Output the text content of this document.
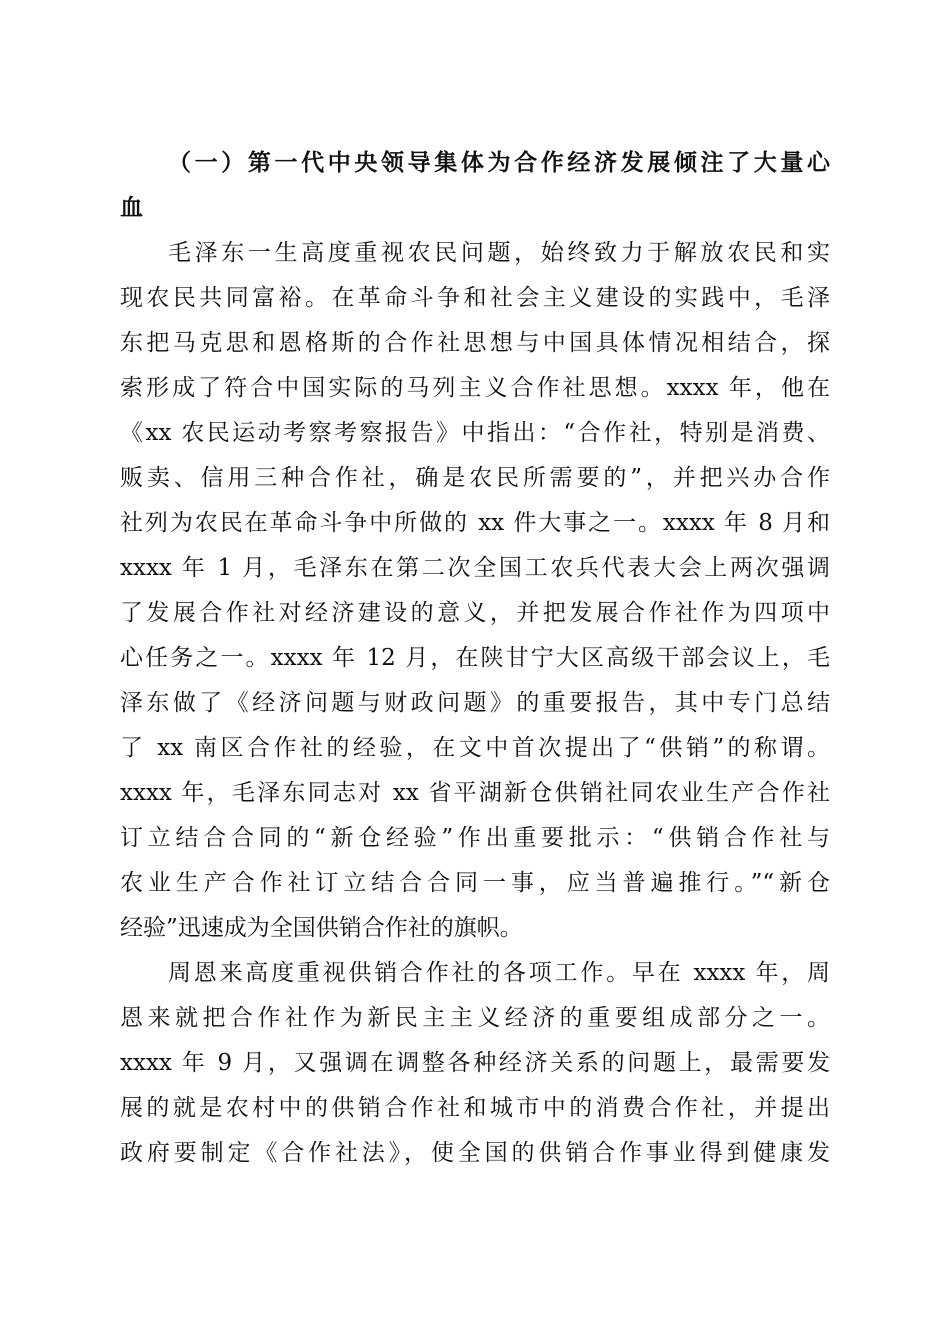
（一）第一代中央领导集体为合作经济发展倾注了大量心
血
毛泽东一生高度重视农民问题，始终致力于解放农民和实
现农民共同富裕。在革命斗争和社会主义建设的实践中，毛泽
东把马克思和恩格斯的合作社思想与中国具体情况相结合，探
索形成了符合中国实际的马列主义合作社思想。xxxx 年，他在
《xx 农民运动考察考察报告》中指出：“合作社，特别是消费、
贩卖、信用三种合作社，确是农民所需要的”，并把兴办合作
社列为农民在革命斗争中所做的 xx 件大事之一。xxxx 年 8 月和
xxxx 年 1 月，毛泽东在第二次全国工农兵代表大会上两次强调
了发展合作社对经济建设的意义，并把发展合作社作为四项中
心任务之一。xxxx 年 12 月，在陕甘宁大区高级干部会议上，毛
泽东做了《经济问题与财政问题》的重要报告，其中专门总结
了 xx 南区合作社的经验，在文中首次提出了“供销”的称谓。
xxxx 年，毛泽东同志对 xx 省平湖新仓供销社同农业生产合作社
订立结合合同的“新仓经验”作出重要批示：“供销合作社与
农业生产合作社订立结合合同一事，应当普遍推行。”“新仓
经验”迅速成为全国供销合作社的旗帜。
周恩来高度重视供销合作社的各项工作。早在 xxxx 年，周
恩来就把合作社作为新民主主义经济的重要组成部分之一。
xxxx 年 9 月，又强调在调整各种经济关系的问题上，最需要发
展的就是农村中的供销合作社和城市中的消费合作社，并提出
政府要制定《合作社法》，使全国的供销合作事业得到健康发
